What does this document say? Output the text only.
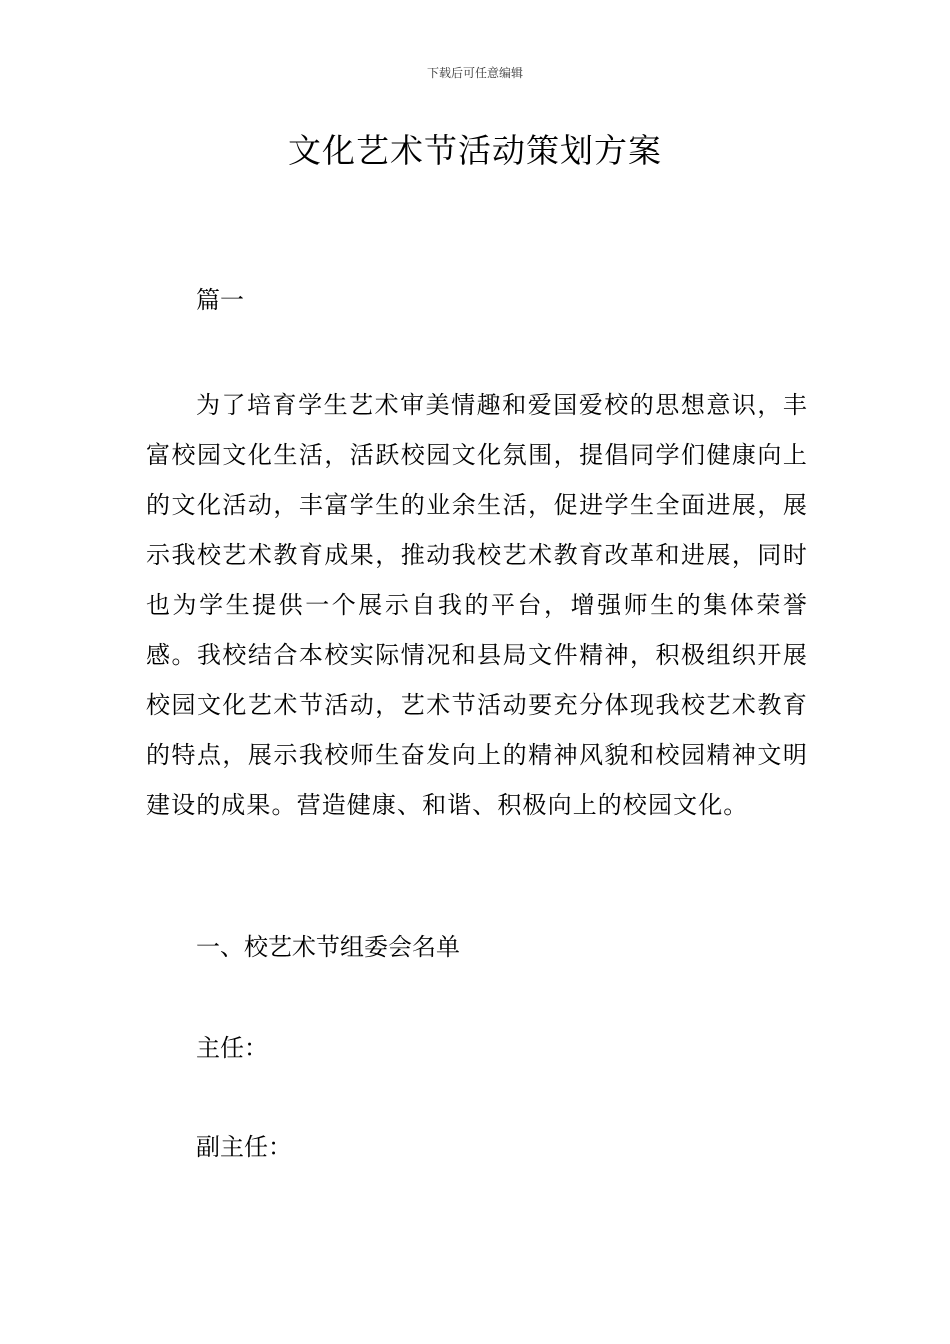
下载后可任意编辑
文化艺术节活动策划方案
篇一

为了培育学生艺术审美情趣和爱国爱校的思想意识，丰富校园文化生活，活跃校园文化氛围，提倡同学们健康向上的文化活动，丰富学生的业余生活，促进学生全面进展，展示我校艺术教育成果，推动我校艺术教育改革和进展，同时也为学生提供一个展示自我的平台，增强师生的集体荣誉感。我校结合本校实际情况和县局文件精神，积极组织开展校园文化艺术节活动，艺术节活动要充分体现我校艺术教育的特点，展示我校师生奋发向上的精神风貌和校园精神文明建设的成果。营造健康、和谐、积极向上的校园文化。

一、校艺术节组委会名单
主任：
副主任：
